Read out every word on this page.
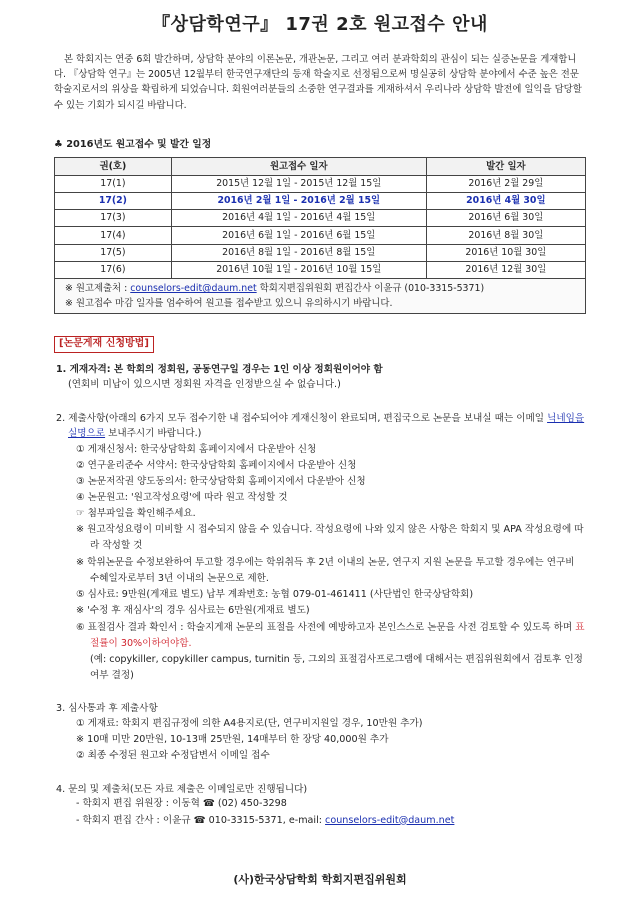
『상담학연구』 17권 2호 원고접수 안내

본 학회지는 연중 6회 발간하며, 상담학 분야의 이론논문, 개관논문, 그리고 여러 분과학회의 관심이 되는 실증논문을 게재합니다. 『상담학 연구』는 2005년 12월부터 한국연구재단의 등재 학술지로 선정됨으로써 명실공히 상담학 분야에서 수준 높은 전문 학술지로서의 위상을 확립하게 되었습니다. 회원여러분들의 소중한 연구결과를 게재하셔서 우리나라 상담학 발전에 일익을 담당할 수 있는 기회가 되시길 바랍니다.

♣ 2016년도 원고접수 및 발간 일정
권(호)	원고접수 일자	발간 일자
17(1)	2015년 12월 1일 - 2015년 12월 15일	2016년 2월 29일
17(2)	2016년 2월 1일 - 2016년 2월 15일	2016년 4월 30일
17(3)	2016년 4월 1일 - 2016년 4월 15일	2016년 6월 30일
17(4)	2016년 6월 1일 - 2016년 6월 15일	2016년 8월 30일
17(5)	2016년 8월 1일 - 2016년 8월 15일	2016년 10월 30일
17(6)	2016년 10월 1일 - 2016년 10월 15일	2016년 12월 30일
※ 원고제출처 : counselors-edit@daum.net 학회지편집위원회 편집간사 이윤규 (010-3315-5371)
※ 원고접수 마감 일자를 엄수하여 원고를 접수받고 있으니 유의하시기 바랍니다.
[논문게재 신청방법]
1. 게재자격: 본 학회의 정회원, 공동연구일 경우는 1인 이상 정회원이어야 함
(연회비 미납이 있으시면 정회원 자격을 인정받으실 수 없습니다.)
2. 제출사항(아래의 6가지 모두 접수기한 내 접수되어야 게재신청이 완료되며, 편집국으로 논문을 보내실 때는 이메일 닉네임을 실명으로 보내주시기 바랍니다.)
① 게재신청서: 한국상담학회 홈페이지에서 다운받아 신청
② 연구윤리준수 서약서: 한국상담학회 홈페이지에서 다운받아 신청
③ 논문저작권 양도동의서: 한국상담학회 홈페이지에서 다운받아 신청
④ 논문원고: '원고작성요령'에 따라 원고 작성할 것
☞ 첨부파일을 확인해주세요.
※ 원고작성요령이 미비할 시 접수되지 않을 수 있습니다. 작성요령에 나와 있지 않은 사항은 학회지 및 APA 작성요령에 따라 작성할 것
※ 학위논문을 수정보완하여 투고할 경우에는 학위취득 후 2년 이내의 논문, 연구지 지원 논문을 투고할 경우에는 연구비 수혜일자로부터 3년 이내의 논문으로 제한.
⑤ 심사료: 9만원(게재료 별도) 납부 계좌번호: 농협 079-01-461411 (사단법인 한국상담학회)
※ '수정 후 재심사'의 경우 심사료는 6만원(게재료 별도)
⑥ 표절검사 결과 확인서 : 학술지게재 논문의 표절을 사전에 예방하고자 본인스스로 논문을 사전 검토할 수 있도록 하며 표절률이 30%이하여야함.
(예: copykiller, copykiller campus, turnitin 등, 그외의 표절검사프로그램에 대해서는 편집위원회에서 검토후 인정여부 결정)
3. 심사통과 후 제출사항
① 게재료: 학회지 편집규정에 의한 A4용지로(단, 연구비지원일 경우, 10만원 추가)
※ 10매 미만 20만원, 10-13매 25만원, 14매부터 한 장당 40,000원 추가
② 최종 수정된 원고와 수정답변서 이메일 접수
4. 문의 및 제출처(모든 자료 제출은 이메일로만 진행됩니다)
- 학회지 편집 위원장 : 이동혁 ☎ (02) 450-3298
- 학회지 편집 간사 : 이윤규 ☎ 010-3315-5371, e-mail: counselors-edit@daum.net
(사)한국상담학회 학회지편집위원회
